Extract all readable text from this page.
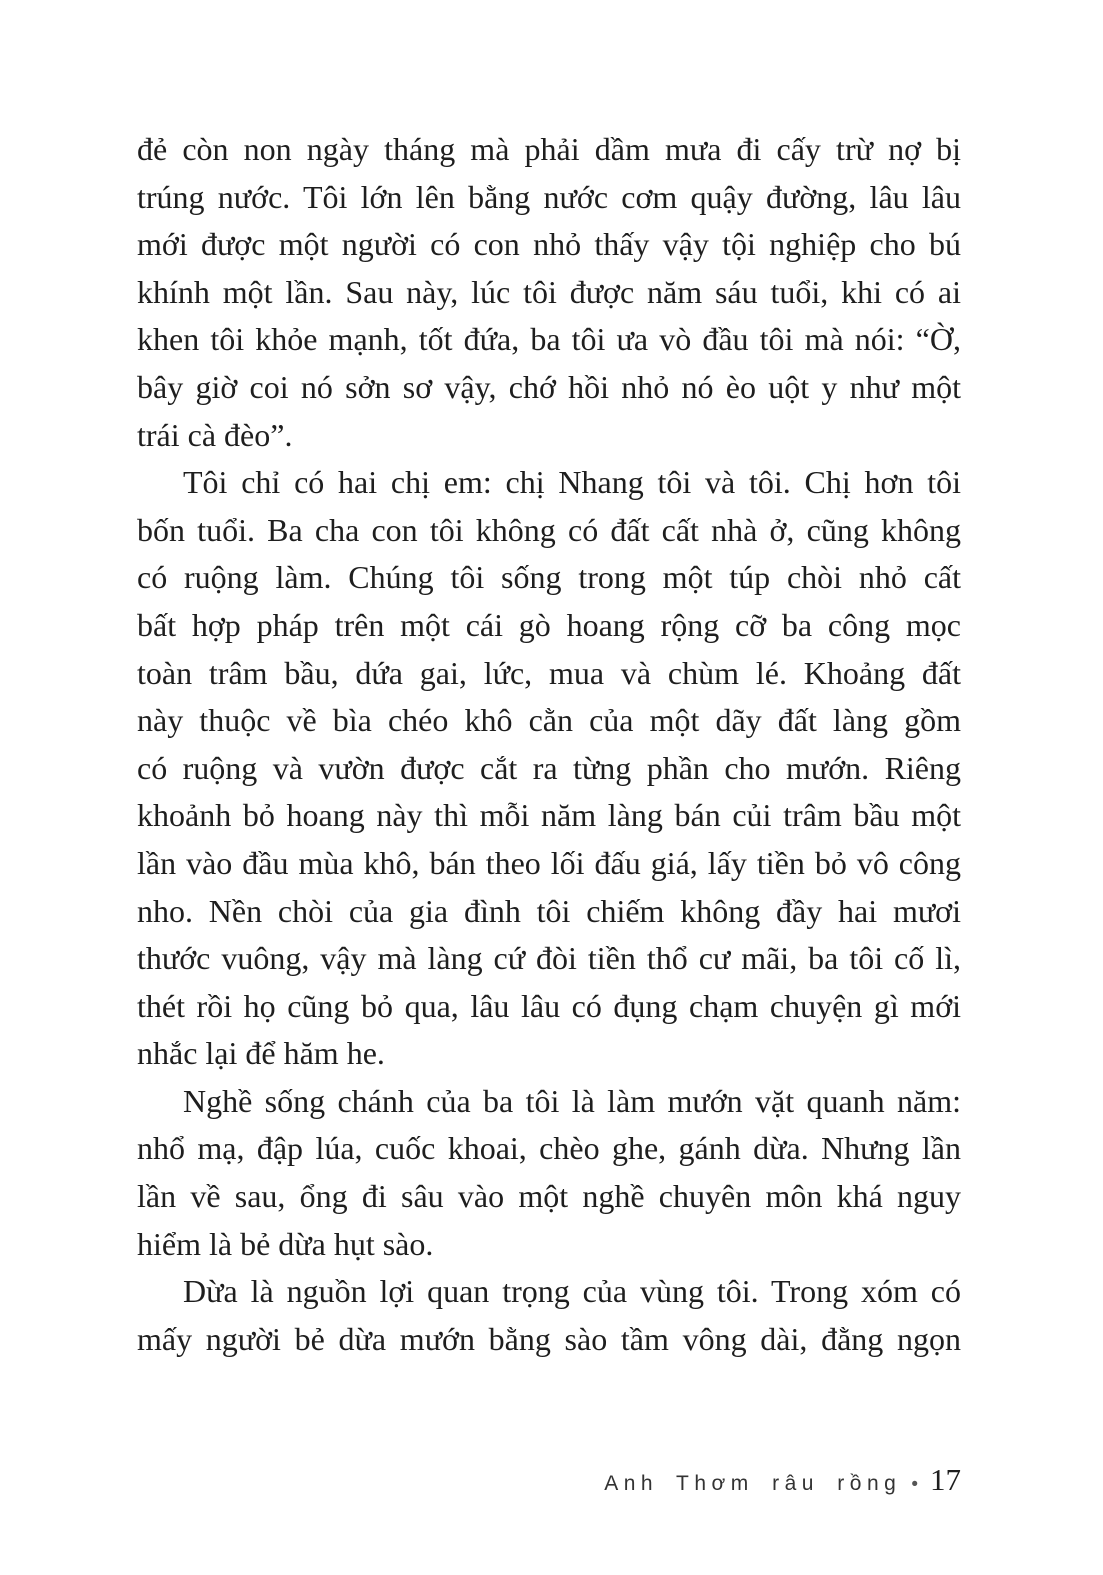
đẻ còn non ngày tháng mà phải dầm mưa đi cấy trừ nợ bị
trúng nước. Tôi lớn lên bằng nước cơm quậy đường, lâu lâu
mới được một người có con nhỏ thấy vậy tội nghiệp cho bú
khính một lần. Sau này, lúc tôi được năm sáu tuổi, khi có ai
khen tôi khỏe mạnh, tốt đứa, ba tôi ưa vò đầu tôi mà nói: “Ờ,
bây giờ coi nó sởn sơ vậy, chớ hồi nhỏ nó èo uột y như một
trái cà đèo”.
Tôi chỉ có hai chị em: chị Nhang tôi và tôi. Chị hơn tôi
bốn tuổi. Ba cha con tôi không có đất cất nhà ở, cũng không
có ruộng làm. Chúng tôi sống trong một túp chòi nhỏ cất
bất hợp pháp trên một cái gò hoang rộng cỡ ba công mọc
toàn trâm bầu, dứa gai, lức, mua và chùm lé. Khoảng đất
này thuộc về bìa chéo khô cằn của một dãy đất làng gồm
có ruộng và vườn được cắt ra từng phần cho mướn. Riêng
khoảnh bỏ hoang này thì mỗi năm làng bán củi trâm bầu một
lần vào đầu mùa khô, bán theo lối đấu giá, lấy tiền bỏ vô công
nho. Nền chòi của gia đình tôi chiếm không đầy hai mươi
thước vuông, vậy mà làng cứ đòi tiền thổ cư mãi, ba tôi cố lì,
thét rồi họ cũng bỏ qua, lâu lâu có đụng chạm chuyện gì mới
nhắc lại để hăm he.
Nghề sống chánh của ba tôi là làm mướn vặt quanh năm:
nhổ mạ, đập lúa, cuốc khoai, chèo ghe, gánh dừa. Nhưng lần
lần về sau, ổng đi sâu vào một nghề chuyên môn khá nguy
hiểm là bẻ dừa hụt sào.
Dừa là nguồn lợi quan trọng của vùng tôi. Trong xóm có
mấy người bẻ dừa mướn bằng sào tầm vông dài, đằng ngọn
Anh Thơm râu rồng • 17
